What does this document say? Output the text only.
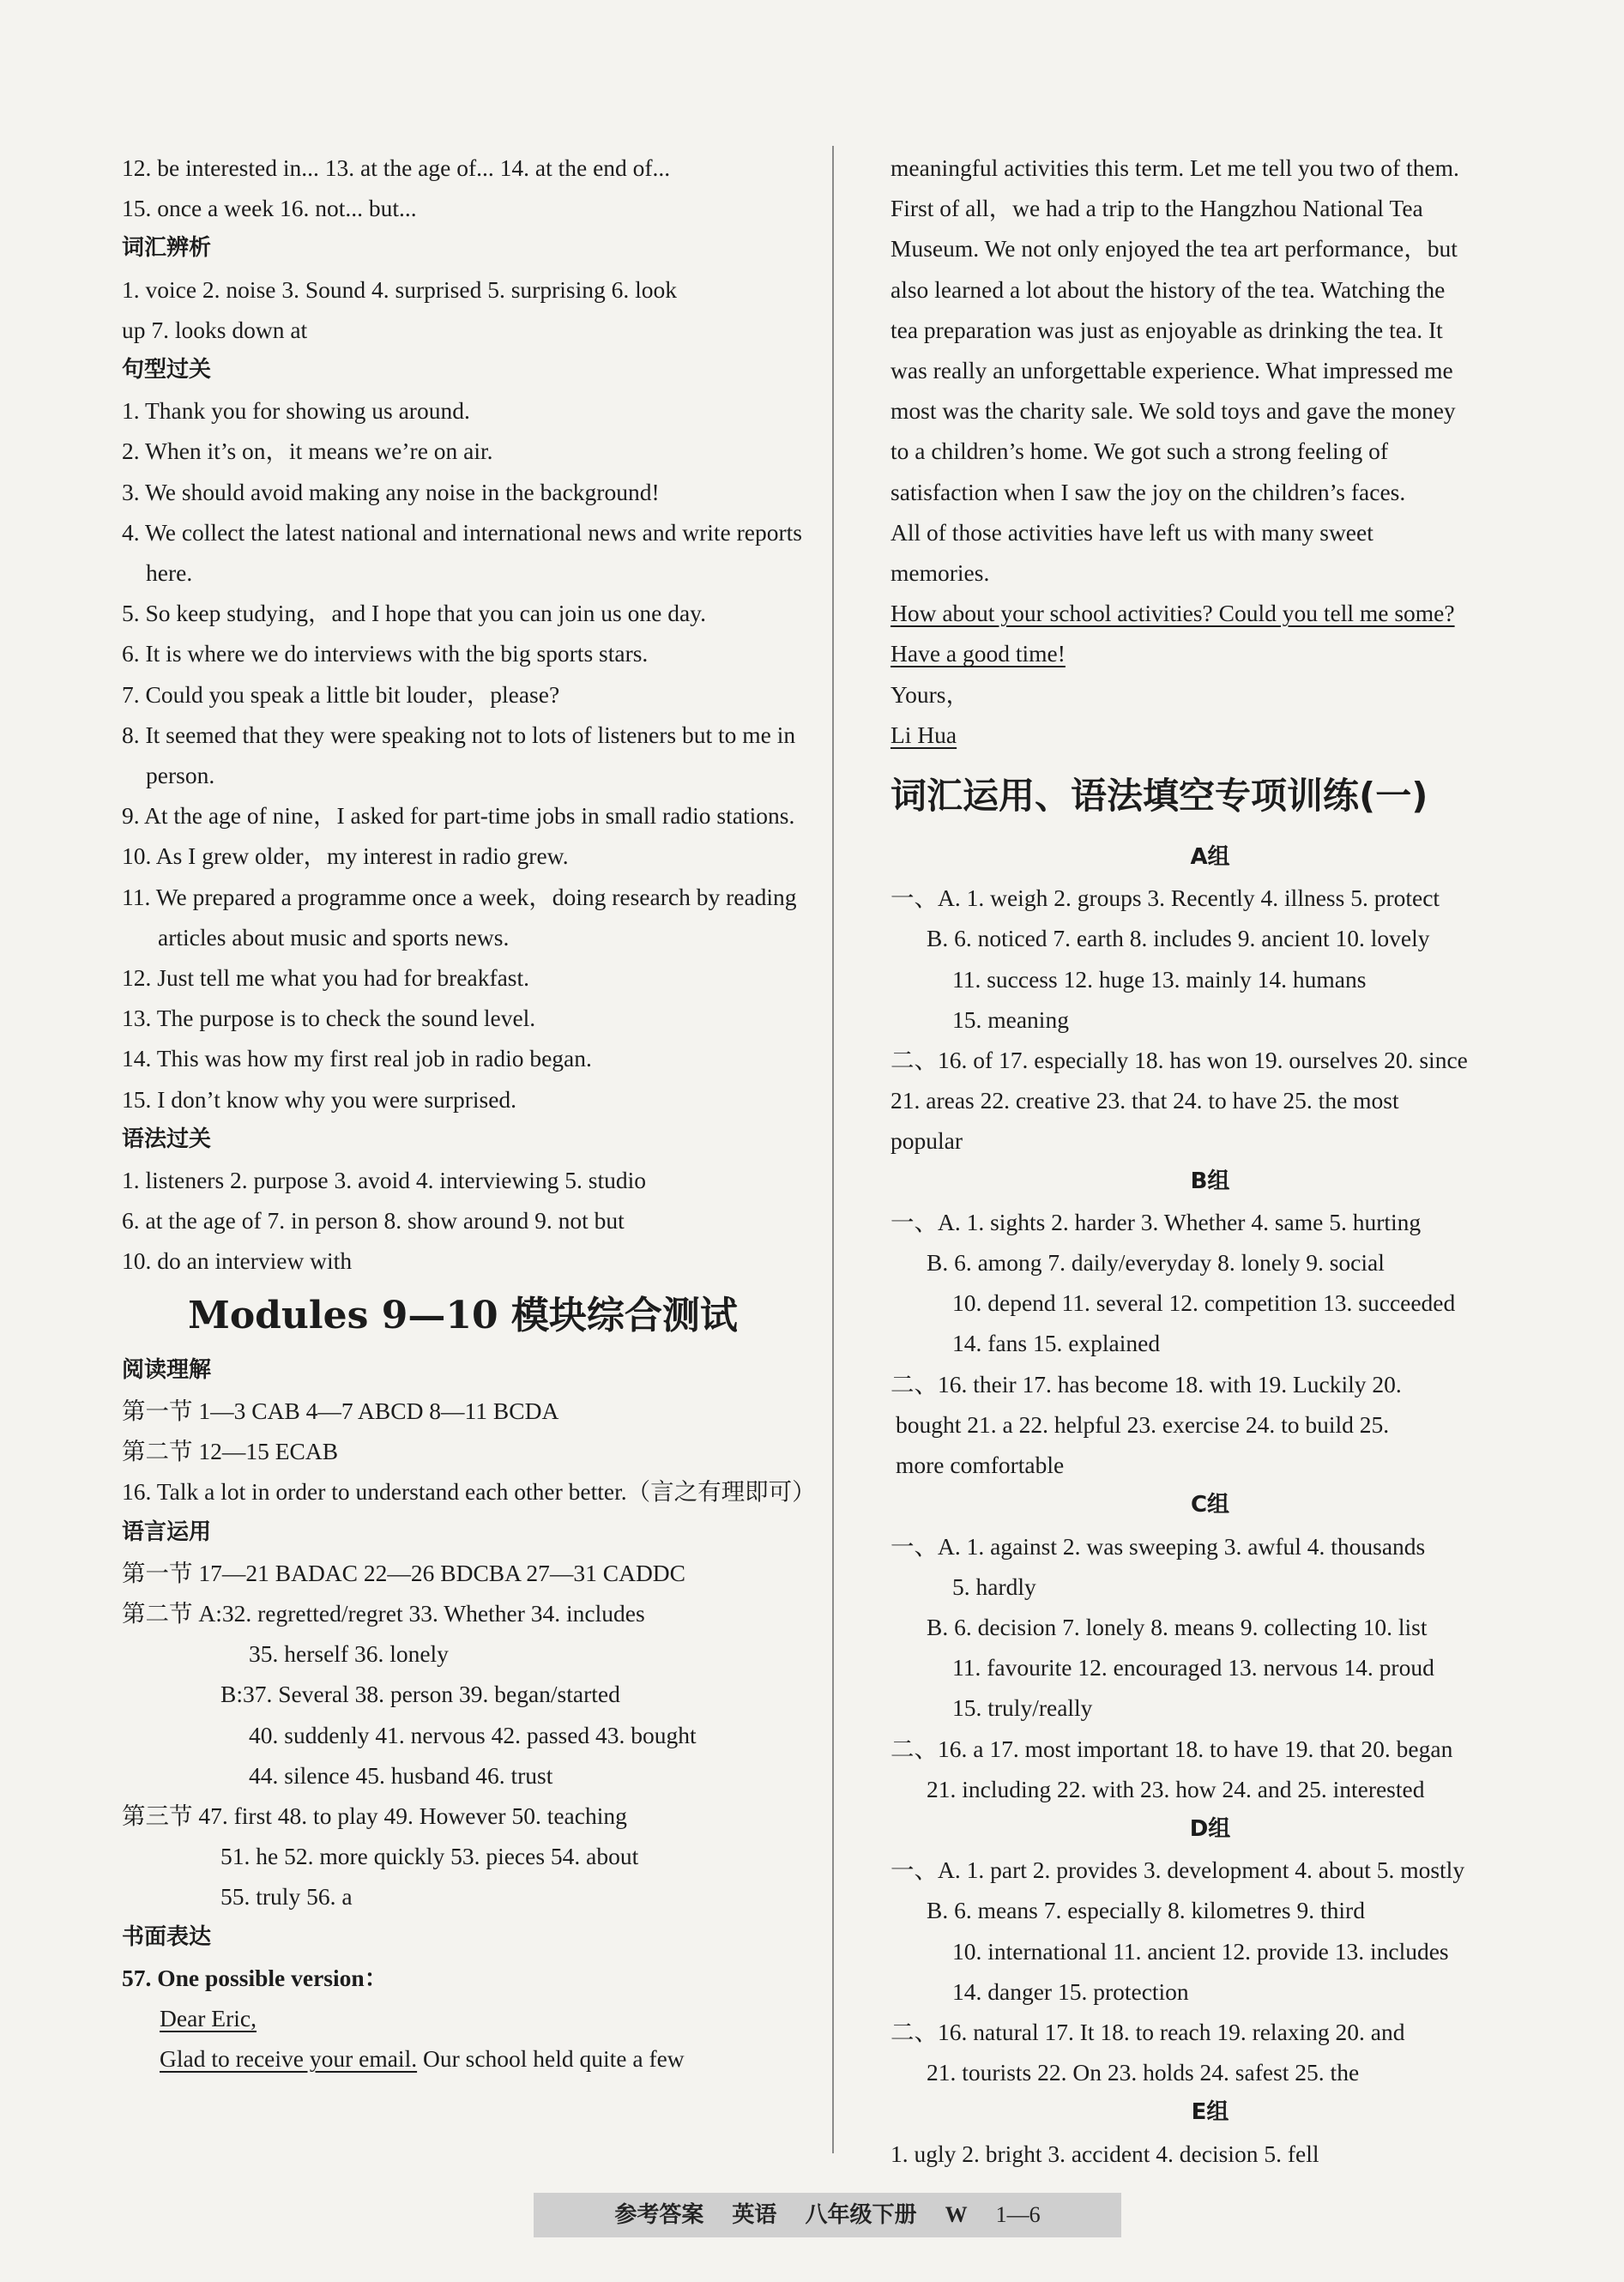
12. be interested in... 13. at the age of... 14. at the end of...
15. once a week 16. not... but...
词汇辨析
1. voice 2. noise 3. Sound 4. surprised 5. surprising 6. look
up 7. looks down at
句型过关
1. Thank you for showing us around.
2. When it’s on，it means we’re on air.
3. We should avoid making any noise in the background!
4. We collect the latest national and international news and write reports here.
5. So keep studying，and I hope that you can join us one day.
6. It is where we do interviews with the big sports stars.
7. Could you speak a little bit louder，please?
8. It seemed that they were speaking not to lots of listeners but to me in person.
9. At the age of nine，I asked for part-time jobs in small radio stations.
10. As I grew older，my interest in radio grew.
11. We prepared a programme once a week，doing research by reading articles about music and sports news.
12. Just tell me what you had for breakfast.
13. The purpose is to check the sound level.
14. This was how my first real job in radio began.
15. I don’t know why you were surprised.
语法过关
1. listeners 2. purpose 3. avoid 4. interviewing 5. studio
6. at the age of 7. in person 8. show around 9. not but
10. do an interview with
Modules 9—10 模块综合测试
阅读理解
第一节 1—3 CAB 4—7 ABCD 8—11 BCDA
第二节 12—15 ECAB
16. Talk a lot in order to understand each other better.（言之有理即可）
语言运用
第一节 17—21 BADAC 22—26 BDCBA 27—31 CADDC
第二节 A:32. regretted/regret 33. Whether 34. includes
35. herself 36. lonely
B:37. Several 38. person 39. began/started
40. suddenly 41. nervous 42. passed 43. bought
44. silence 45. husband 46. trust
第三节 47. first 48. to play 49. However 50. teaching
51. he 52. more quickly 53. pieces 54. about
55. truly 56. a
书面表达
57. One possible version：
Dear Eric,
Glad to receive your email. Our school held quite a few
meaningful activities this term. Let me tell you two of them.
First of all，we had a trip to the Hangzhou National Tea
Museum. We not only enjoyed the tea art performance，but
also learned a lot about the history of the tea. Watching the
tea preparation was just as enjoyable as drinking the tea. It
was really an unforgettable experience. What impressed me
most was the charity sale. We sold toys and gave the money
to a children’s home. We got such a strong feeling of
satisfaction when I saw the joy on the children’s faces.
All of those activities have left us with many sweet
memories.
How about your school activities? Could you tell me some?
Have a good time!
Yours，
Li Hua
词汇运用、语法填空专项训练(一)
A组
一、A. 1. weigh 2. groups 3. Recently 4. illness 5. protect
B. 6. noticed 7. earth 8. includes 9. ancient 10. lovely
11. success 12. huge 13. mainly 14. humans
15. meaning
二、16. of 17. especially 18. has won 19. ourselves 20. since
21. areas 22. creative 23. that 24. to have 25. the most
popular
B组
一、A. 1. sights 2. harder 3. Whether 4. same 5. hurting
B. 6. among 7. daily/everyday 8. lonely 9. social
10. depend 11. several 12. competition 13. succeeded
14. fans 15. explained
二、16. their 17. has become 18. with 19. Luckily 20.
bought 21. a 22. helpful 23. exercise 24. to build 25.
more comfortable
C组
一、A. 1. against 2. was sweeping 3. awful 4. thousands
5. hardly
B. 6. decision 7. lonely 8. means 9. collecting 10. list
11. favourite 12. encouraged 13. nervous 14. proud
15. truly/really
二、16. a 17. most important 18. to have 19. that 20. began
21. including 22. with 23. how 24. and 25. interested
D组
一、A. 1. part 2. provides 3. development 4. about 5. mostly
B. 6. means 7. especially 8. kilometres 9. third
10. international 11. ancient 12. provide 13. includes
14. danger 15. protection
二、16. natural 17. It 18. to reach 19. relaxing 20. and
21. tourists 22. On 23. holds 24. safest 25. the
E组
1. ugly 2. bright 3. accident 4. decision 5. fell
参考答案 英语 八年级下册 W 1—6
